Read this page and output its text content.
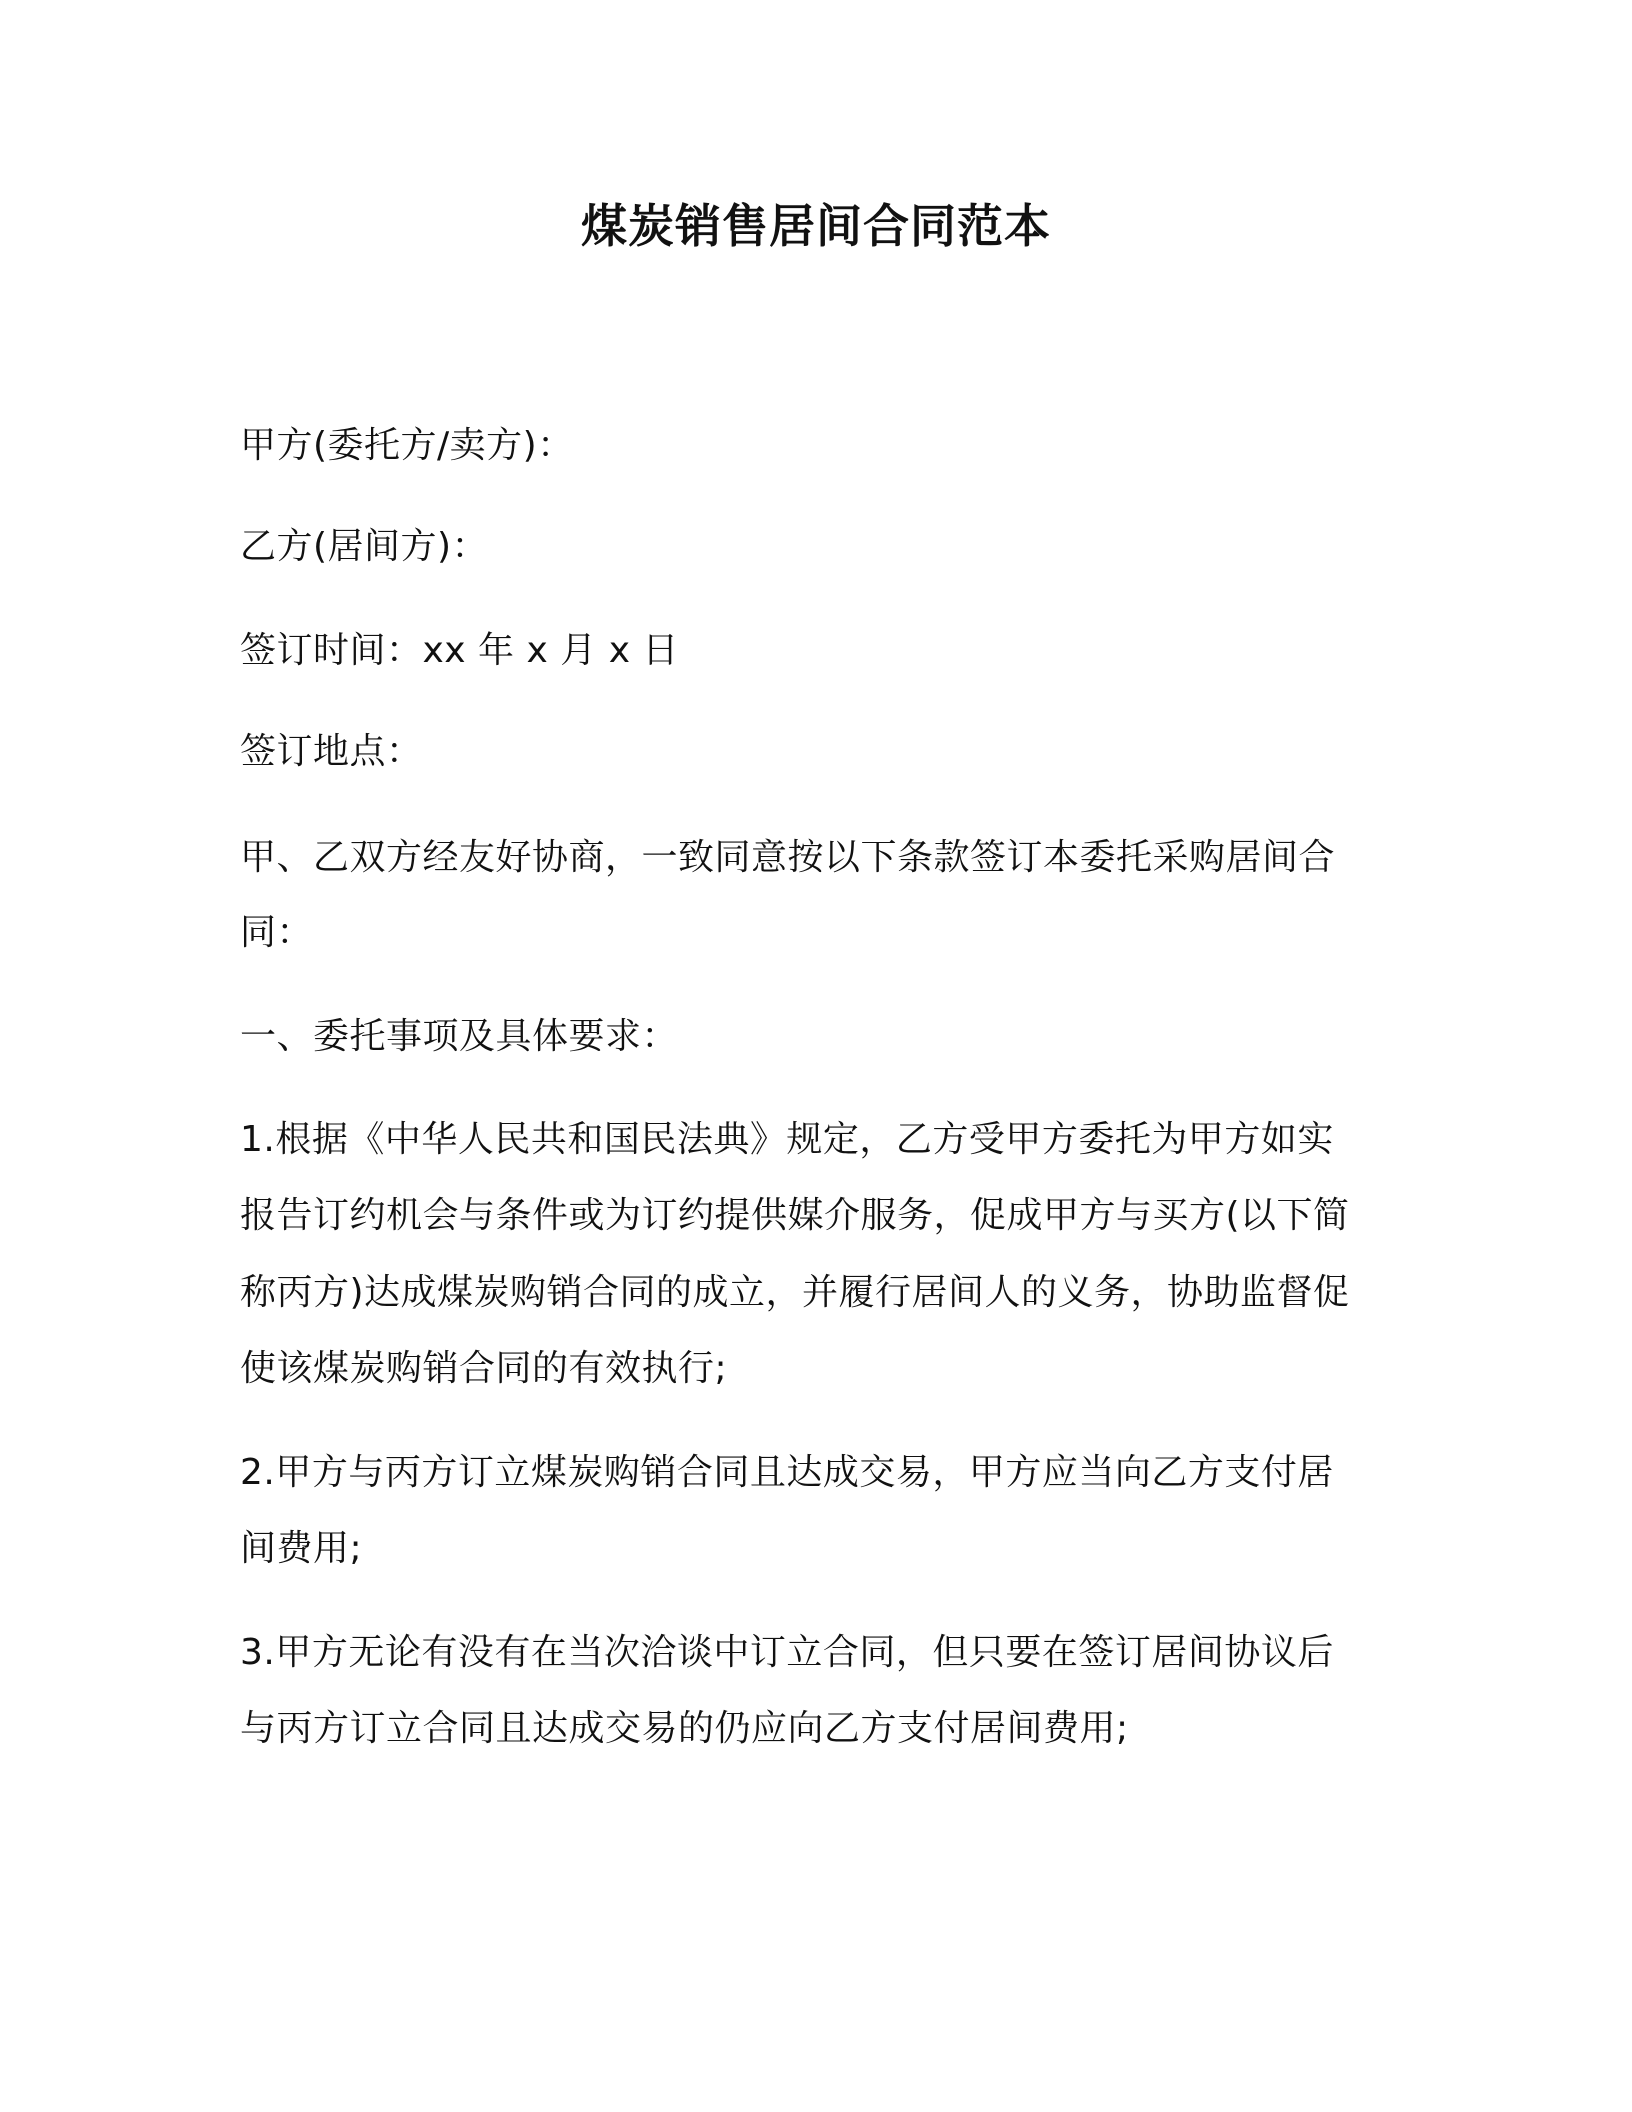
煤炭销售居间合同范本

甲方(委托方/卖方)：

乙方(居间方)：

签订时间：xx 年 x 月 x 日

签订地点：

甲、乙双方经友好协商，一致同意按以下条款签订本委托采购居间合

同：

一、委托事项及具体要求：

1.根据《中华人民共和国民法典》规定，乙方受甲方委托为甲方如实

报告订约机会与条件或为订约提供媒介服务，促成甲方与买方(以下简

称丙方)达成煤炭购销合同的成立，并履行居间人的义务，协助监督促

使该煤炭购销合同的有效执行;

2.甲方与丙方订立煤炭购销合同且达成交易，甲方应当向乙方支付居

间费用;

3.甲方无论有没有在当次洽谈中订立合同，但只要在签订居间协议后

与丙方订立合同且达成交易的仍应向乙方支付居间费用;
